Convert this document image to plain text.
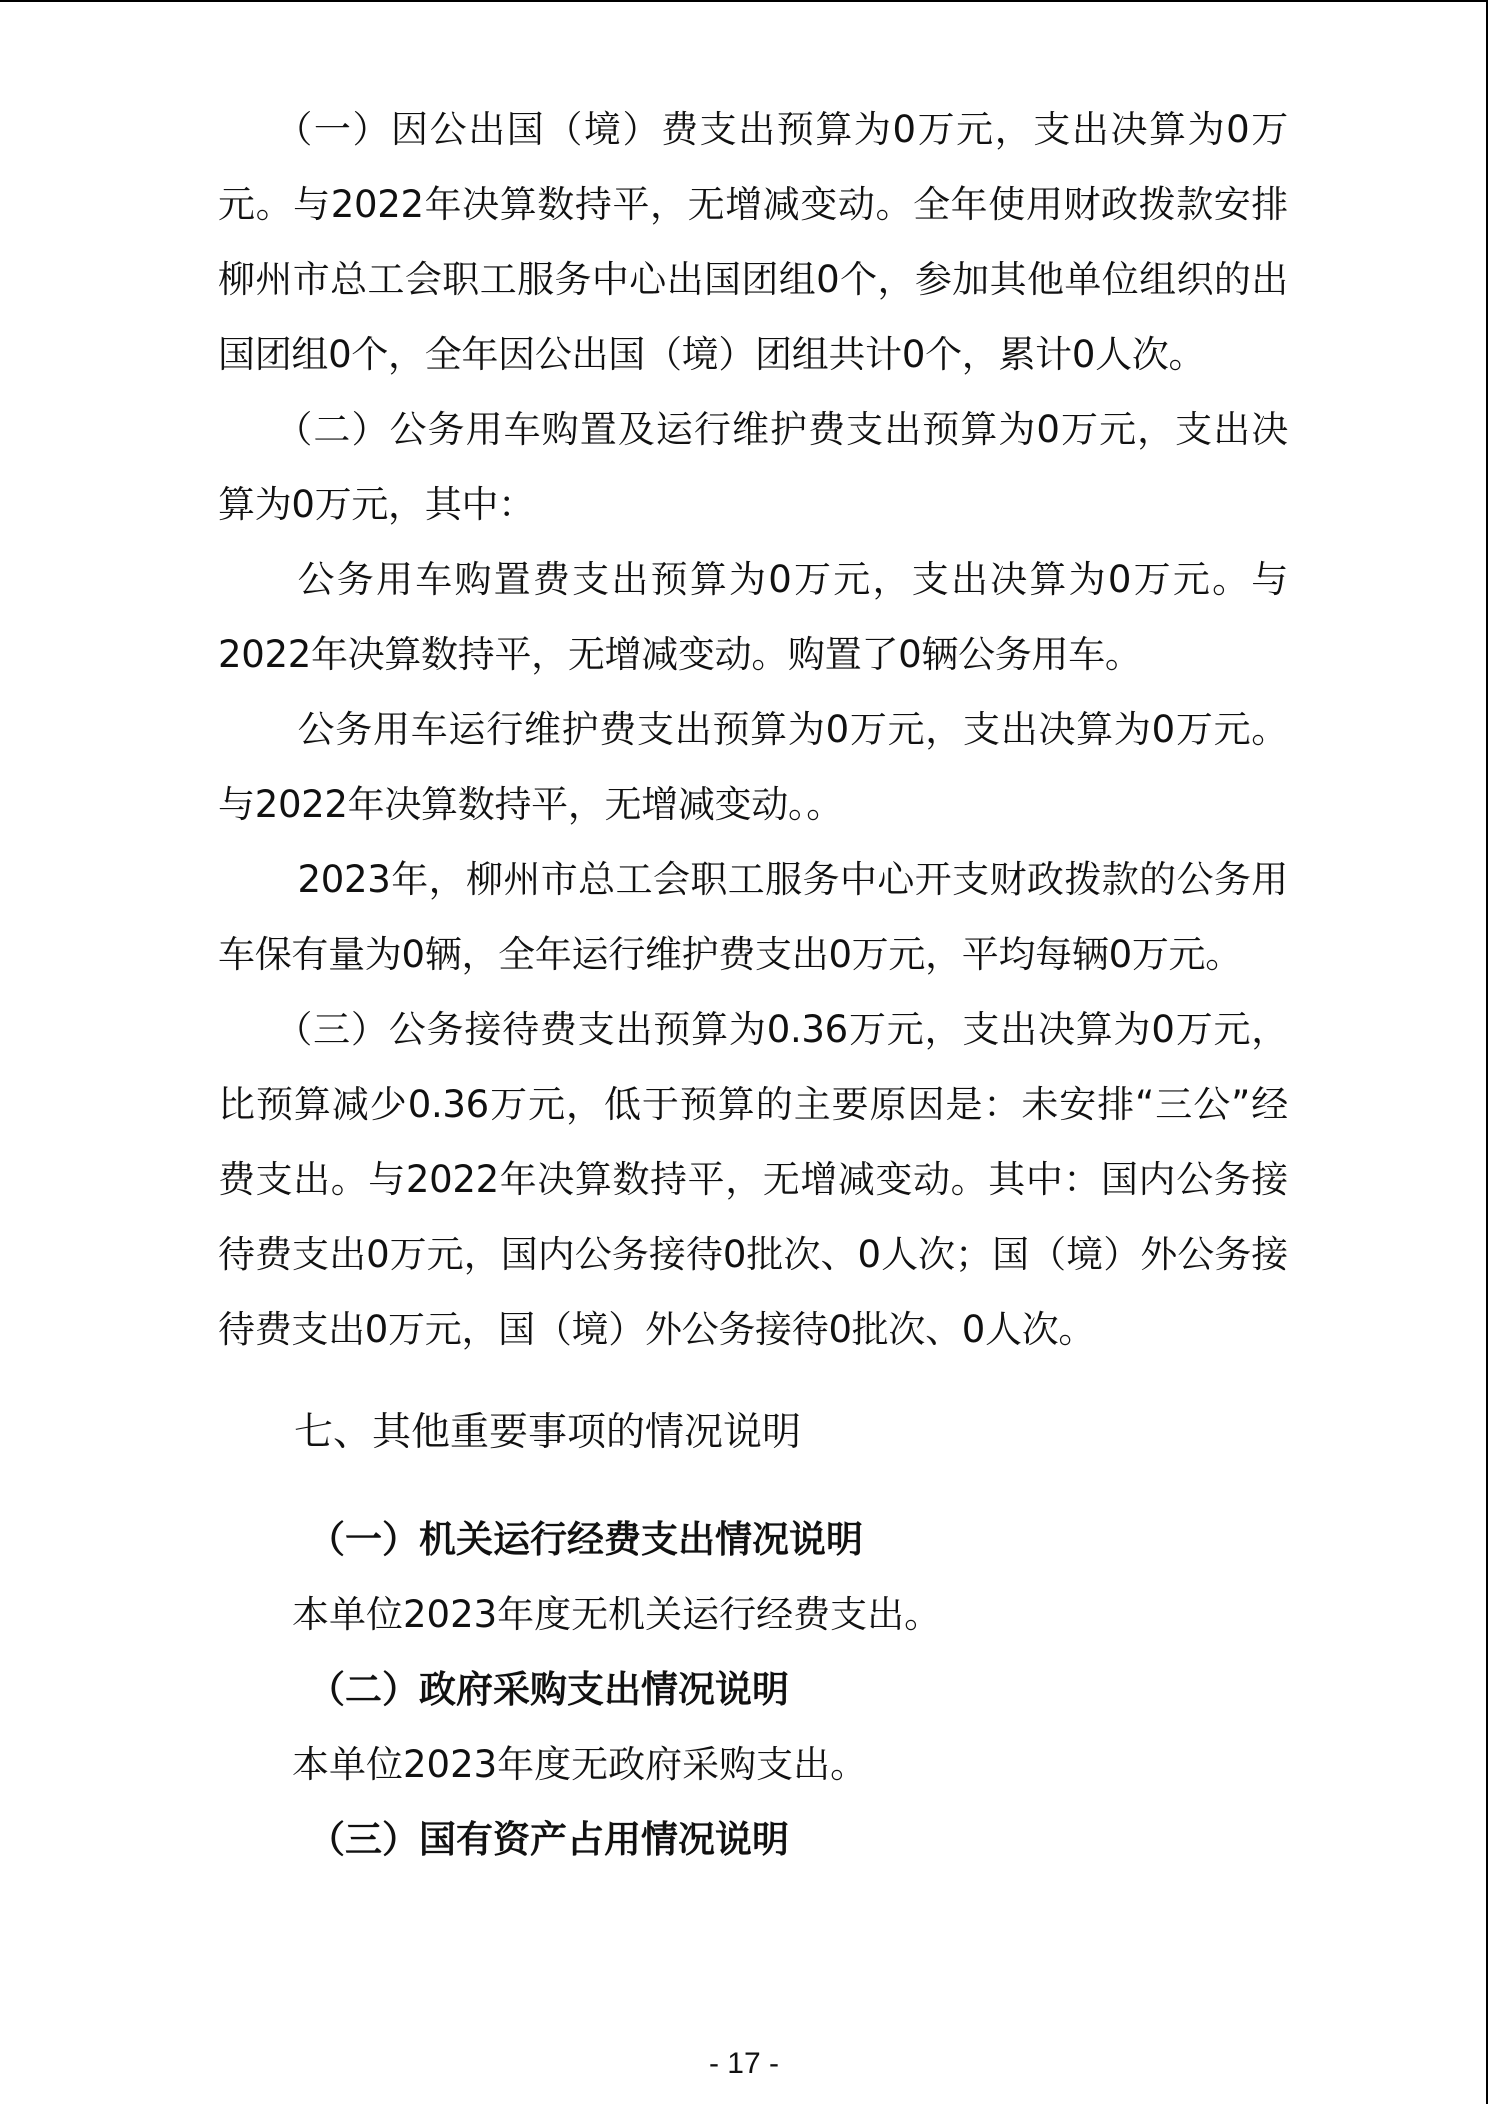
（一）因公出国（境）费支出预算为0万元，支出决算为0万元。与2022年决算数持平，无增减变动。全年使用财政拨款安排柳州市总工会职工服务中心出国团组0个，参加其他单位组织的出国团组0个，全年因公出国（境）团组共计0个，累计0人次。

（二）公务用车购置及运行维护费支出预算为0万元，支出决算为0万元，其中：

公务用车购置费支出预算为0万元，支出决算为0万元。与2022年决算数持平，无增减变动。购置了0辆公务用车。

公务用车运行维护费支出预算为0万元，支出决算为0万元。与2022年决算数持平，无增减变动。。

2023年，柳州市总工会职工服务中心开支财政拨款的公务用车保有量为0辆，全年运行维护费支出0万元，平均每辆0万元。

（三）公务接待费支出预算为0.36万元，支出决算为0万元，比预算减少0.36万元，低于预算的主要原因是：未安排“三公”经费支出。与2022年决算数持平，无增减变动。其中：国内公务接待费支出0万元，国内公务接待0批次、0人次；国（境）外公务接待费支出0万元，国（境）外公务接待0批次、0人次。

七、其他重要事项的情况说明
（一）机关运行经费支出情况说明

本单位2023年度无机关运行经费支出。

（二）政府采购支出情况说明

本单位2023年度无政府采购支出。

（三）国有资产占用情况说明
- 17 -
